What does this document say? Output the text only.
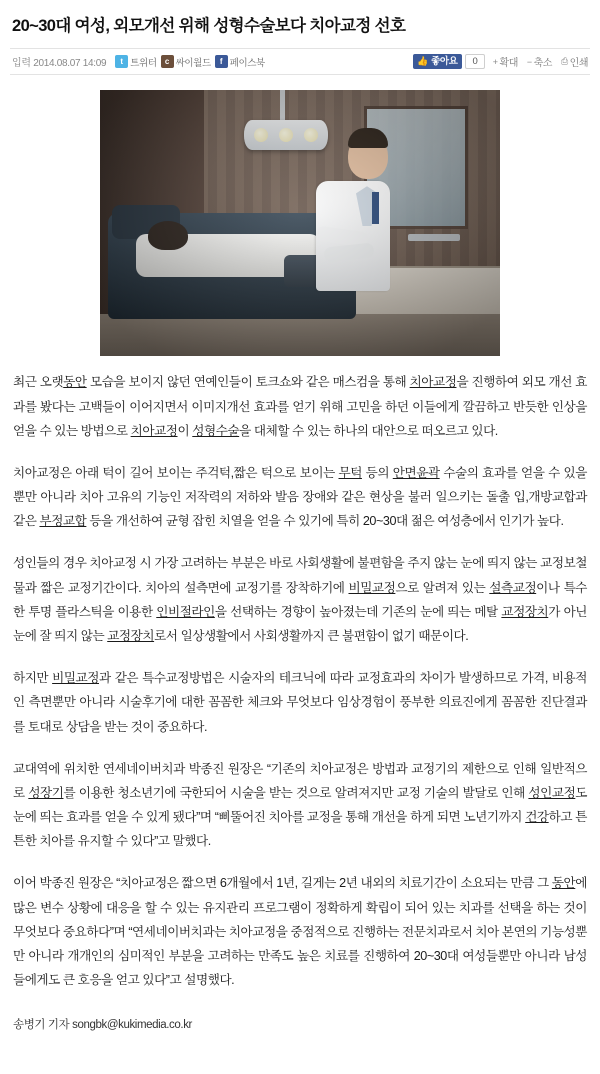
20~30대 여성, 외모개선 위해 성형수술보다 치아교정 선호
입력 2014.08.07 14:09	t 트위터	c 싸이월드	f 페이스북	👍 좋아요	0	+ 확대 − 축소 ⎙ 인쇄

최근 오랫동안 모습을 보이지 않던 연예인들이 토크쇼와 같은 매스컴을 통해 치아교정을 진행하여 외모 개선 효과를 봤다는 고백들이 이어지면서 이미지개선 효과를 얻기 위해 고민을 하던 이들에게 깔끔하고 반듯한 인상을 얻을 수 있는 방법으로 치아교정이 성형수술을 대체할 수 있는 하나의 대안으로 떠오르고 있다.

치아교정은 아래 턱이 길어 보이는 주걱턱,짧은 턱으로 보이는 무턱 등의 안면윤곽 수술의 효과를 얻을 수 있을 뿐만 아니라 치아 고유의 기능인 저작력의 저하와 발음 장애와 같은 현상을 불러 일으키는 돌출 입,개방교합과 같은 부정교합 등을 개선하여 균형 잡힌 치열을 얻을 수 있기에 특히 20~30대 젊은 여성층에서 인기가 높다.

성인들의 경우 치아교정 시 가장 고려하는 부분은 바로 사회생활에 불편함을 주지 않는 눈에 띄지 않는 교정보철물과 짧은 교정기간이다. 치아의 설측면에 교정기를 장착하기에 비밀교정으로 알려져 있는 설측교정이나 특수한 투명 플라스틱을 이용한 인비절라인을 선택하는 경향이 높아졌는데 기존의 눈에 띄는 메탈 교정장치가 아닌 눈에 잘 띄지 않는 교정장치로서 일상생활에서 사회생활까지 큰 불편함이 없기 때문이다.

하지만 비밀교정과 같은 특수교정방법은 시술자의 테크닉에 따라 교정효과의 차이가 발생하므로 가격, 비용적인 측면뿐만 아니라 시술후기에 대한 꼼꼼한 체크와 무엇보다 임상경험이 풍부한 의료진에게 꼼꼼한 진단결과를 토대로 상담을 받는 것이 중요하다.

교대역에 위치한 연세네이버치과 박종진 원장은 “기존의 치아교정은 방법과 교정기의 제한으로 인해 일반적으로 성장기를 이용한 청소년기에 국한되어 시술을 받는 것으로 알려져지만 교정 기술의 발달로 인해 성인교정도 눈에 띄는 효과를 얻을 수 있게 됐다”며 “삐뚤어진 치아를 교정을 통해 개선을 하게 되면 노년기까지 건강하고 튼튼한 치아를 유지할 수 있다”고 말했다.

이어 박종진 원장은 “치아교정은 짧으면 6개월에서 1년, 길게는 2년 내외의 치료기간이 소요되는 만큼 그 동안에 많은 변수 상황에 대응을 할 수 있는 유지관리 프로그램이 정확하게 확립이 되어 있는 치과를 선택을 하는 것이 무엇보다 중요하다”며 “연세네이버치과는 치아교정을 중점적으로 진행하는 전문치과로서 치아 본연의 기능성뿐만 아니라 개개인의 심미적인 부분을 고려하는 만족도 높은 치료를 진행하여 20~30대 여성들뿐만 아니라 남성들에게도 큰 호응을 얻고 있다”고 설명했다.

송병기 기자 songbk@kukimedia.co.kr
